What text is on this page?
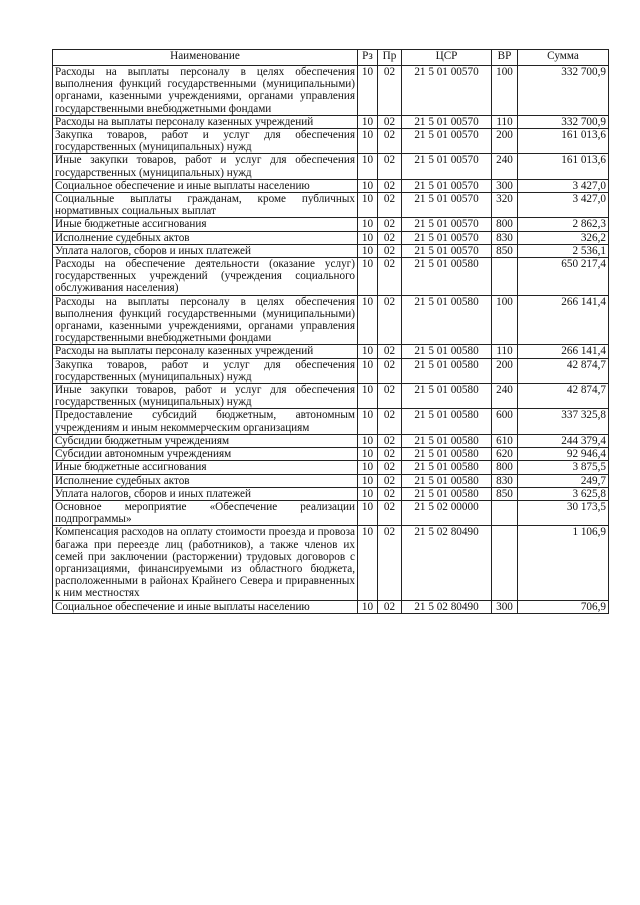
Наименование	Рз	Пр	ЦСР	ВР	Сумма
Расходы на выплаты персоналу в целях обеспечения выполнения функций государственными (муниципальными) органами, казенными учреждениями, органами управления государственными внебюджетными фондами	10	02	21 5 01 00570	100	332 700,9
Расходы на выплаты персоналу казенных учреждений	10	02	21 5 01 00570	110	332 700,9
Закупка товаров, работ и услуг для обеспечения государственных (муниципальных) нужд	10	02	21 5 01 00570	200	161 013,6
Иные закупки товаров, работ и услуг для обеспечения государственных (муниципальных) нужд	10	02	21 5 01 00570	240	161 013,6
Социальное обеспечение и иные выплаты населению	10	02	21 5 01 00570	300	3 427,0
Социальные выплаты гражданам, кроме публичных нормативных социальных выплат	10	02	21 5 01 00570	320	3 427,0
Иные бюджетные ассигнования	10	02	21 5 01 00570	800	2 862,3
Исполнение судебных актов	10	02	21 5 01 00570	830	326,2
Уплата налогов, сборов и иных платежей	10	02	21 5 01 00570	850	2 536,1
Расходы на обеспечение деятельности (оказание услуг) государственных учреждений (учреждения социального обслуживания населения)	10	02	21 5 01 00580		650 217,4
Расходы на выплаты персоналу в целях обеспечения выполнения функций государственными (муниципальными) органами, казенными учреждениями, органами управления государственными внебюджетными фондами	10	02	21 5 01 00580	100	266 141,4
Расходы на выплаты персоналу казенных учреждений	10	02	21 5 01 00580	110	266 141,4
Закупка товаров, работ и услуг для обеспечения государственных (муниципальных) нужд	10	02	21 5 01 00580	200	42 874,7
Иные закупки товаров, работ и услуг для обеспечения государственных (муниципальных) нужд	10	02	21 5 01 00580	240	42 874,7
Предоставление субсидий бюджетным, автономным учреждениям и иным некоммерческим организациям	10	02	21 5 01 00580	600	337 325,8
Субсидии бюджетным учреждениям	10	02	21 5 01 00580	610	244 379,4
Субсидии автономным учреждениям	10	02	21 5 01 00580	620	92 946,4
Иные бюджетные ассигнования	10	02	21 5 01 00580	800	3 875,5
Исполнение судебных актов	10	02	21 5 01 00580	830	249,7
Уплата налогов, сборов и иных платежей	10	02	21 5 01 00580	850	3 625,8
Основное мероприятие «Обеспечение реализации подпрограммы»	10	02	21 5 02 00000		30 173,5
Компенсация расходов на оплату стоимости проезда и провоза багажа при переезде лиц (работников), а также членов их семей при заключении (расторжении) трудовых договоров с организациями, финансируемыми из областного бюджета, расположенными в районах Крайнего Севера и приравненных к ним местностях	10	02	21 5 02 80490		1 106,9
Социальное обеспечение и иные выплаты населению	10	02	21 5 02 80490	300	706,9
